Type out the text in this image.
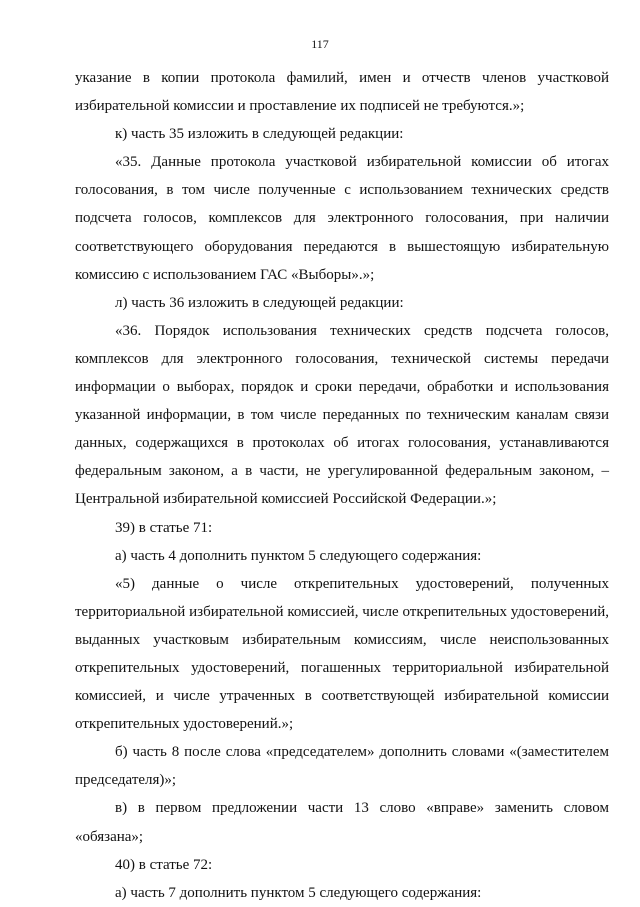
117

указание в копии протокола фамилий, имен и отчеств членов участковой избирательной комиссии и проставление их подписей не требуются.»;

к) часть 35 изложить в следующей редакции:

«35. Данные протокола участковой избирательной комиссии об итогах голосования, в том числе полученные с использованием технических средств подсчета голосов, комплексов для электронного голосования, при наличии соответствующего оборудования передаются в вышестоящую избирательную комиссию с использованием ГАС «Выборы».»;

л) часть 36 изложить в следующей редакции:

«36. Порядок использования технических средств подсчета голосов, комплексов для электронного голосования, технической системы передачи информации о выборах, порядок и сроки передачи, обработки и использования указанной информации, в том числе переданных по техническим каналам связи данных, содержащихся в протоколах об итогах голосования, устанавливаются федеральным законом, а в части, не урегулированной федеральным законом, – Центральной избирательной комиссией Российской Федерации.»;

39) в статье 71:

а) часть 4 дополнить пунктом 5 следующего содержания:

«5) данные о числе открепительных удостоверений, полученных территориальной избирательной комиссией, числе открепительных удостоверений, выданных участковым избирательным комиссиям, числе неиспользованных открепительных удостоверений, погашенных территориальной избирательной комиссией, и числе утраченных в соответствующей избирательной комиссии открепительных удостоверений.»;

б) часть 8 после слова «председателем» дополнить словами «(заместителем председателя)»;

в) в первом предложении части 13 слово «вправе» заменить словом «обязана»;

40) в статье 72:

а) часть 7 дополнить пунктом 5 следующего содержания:
